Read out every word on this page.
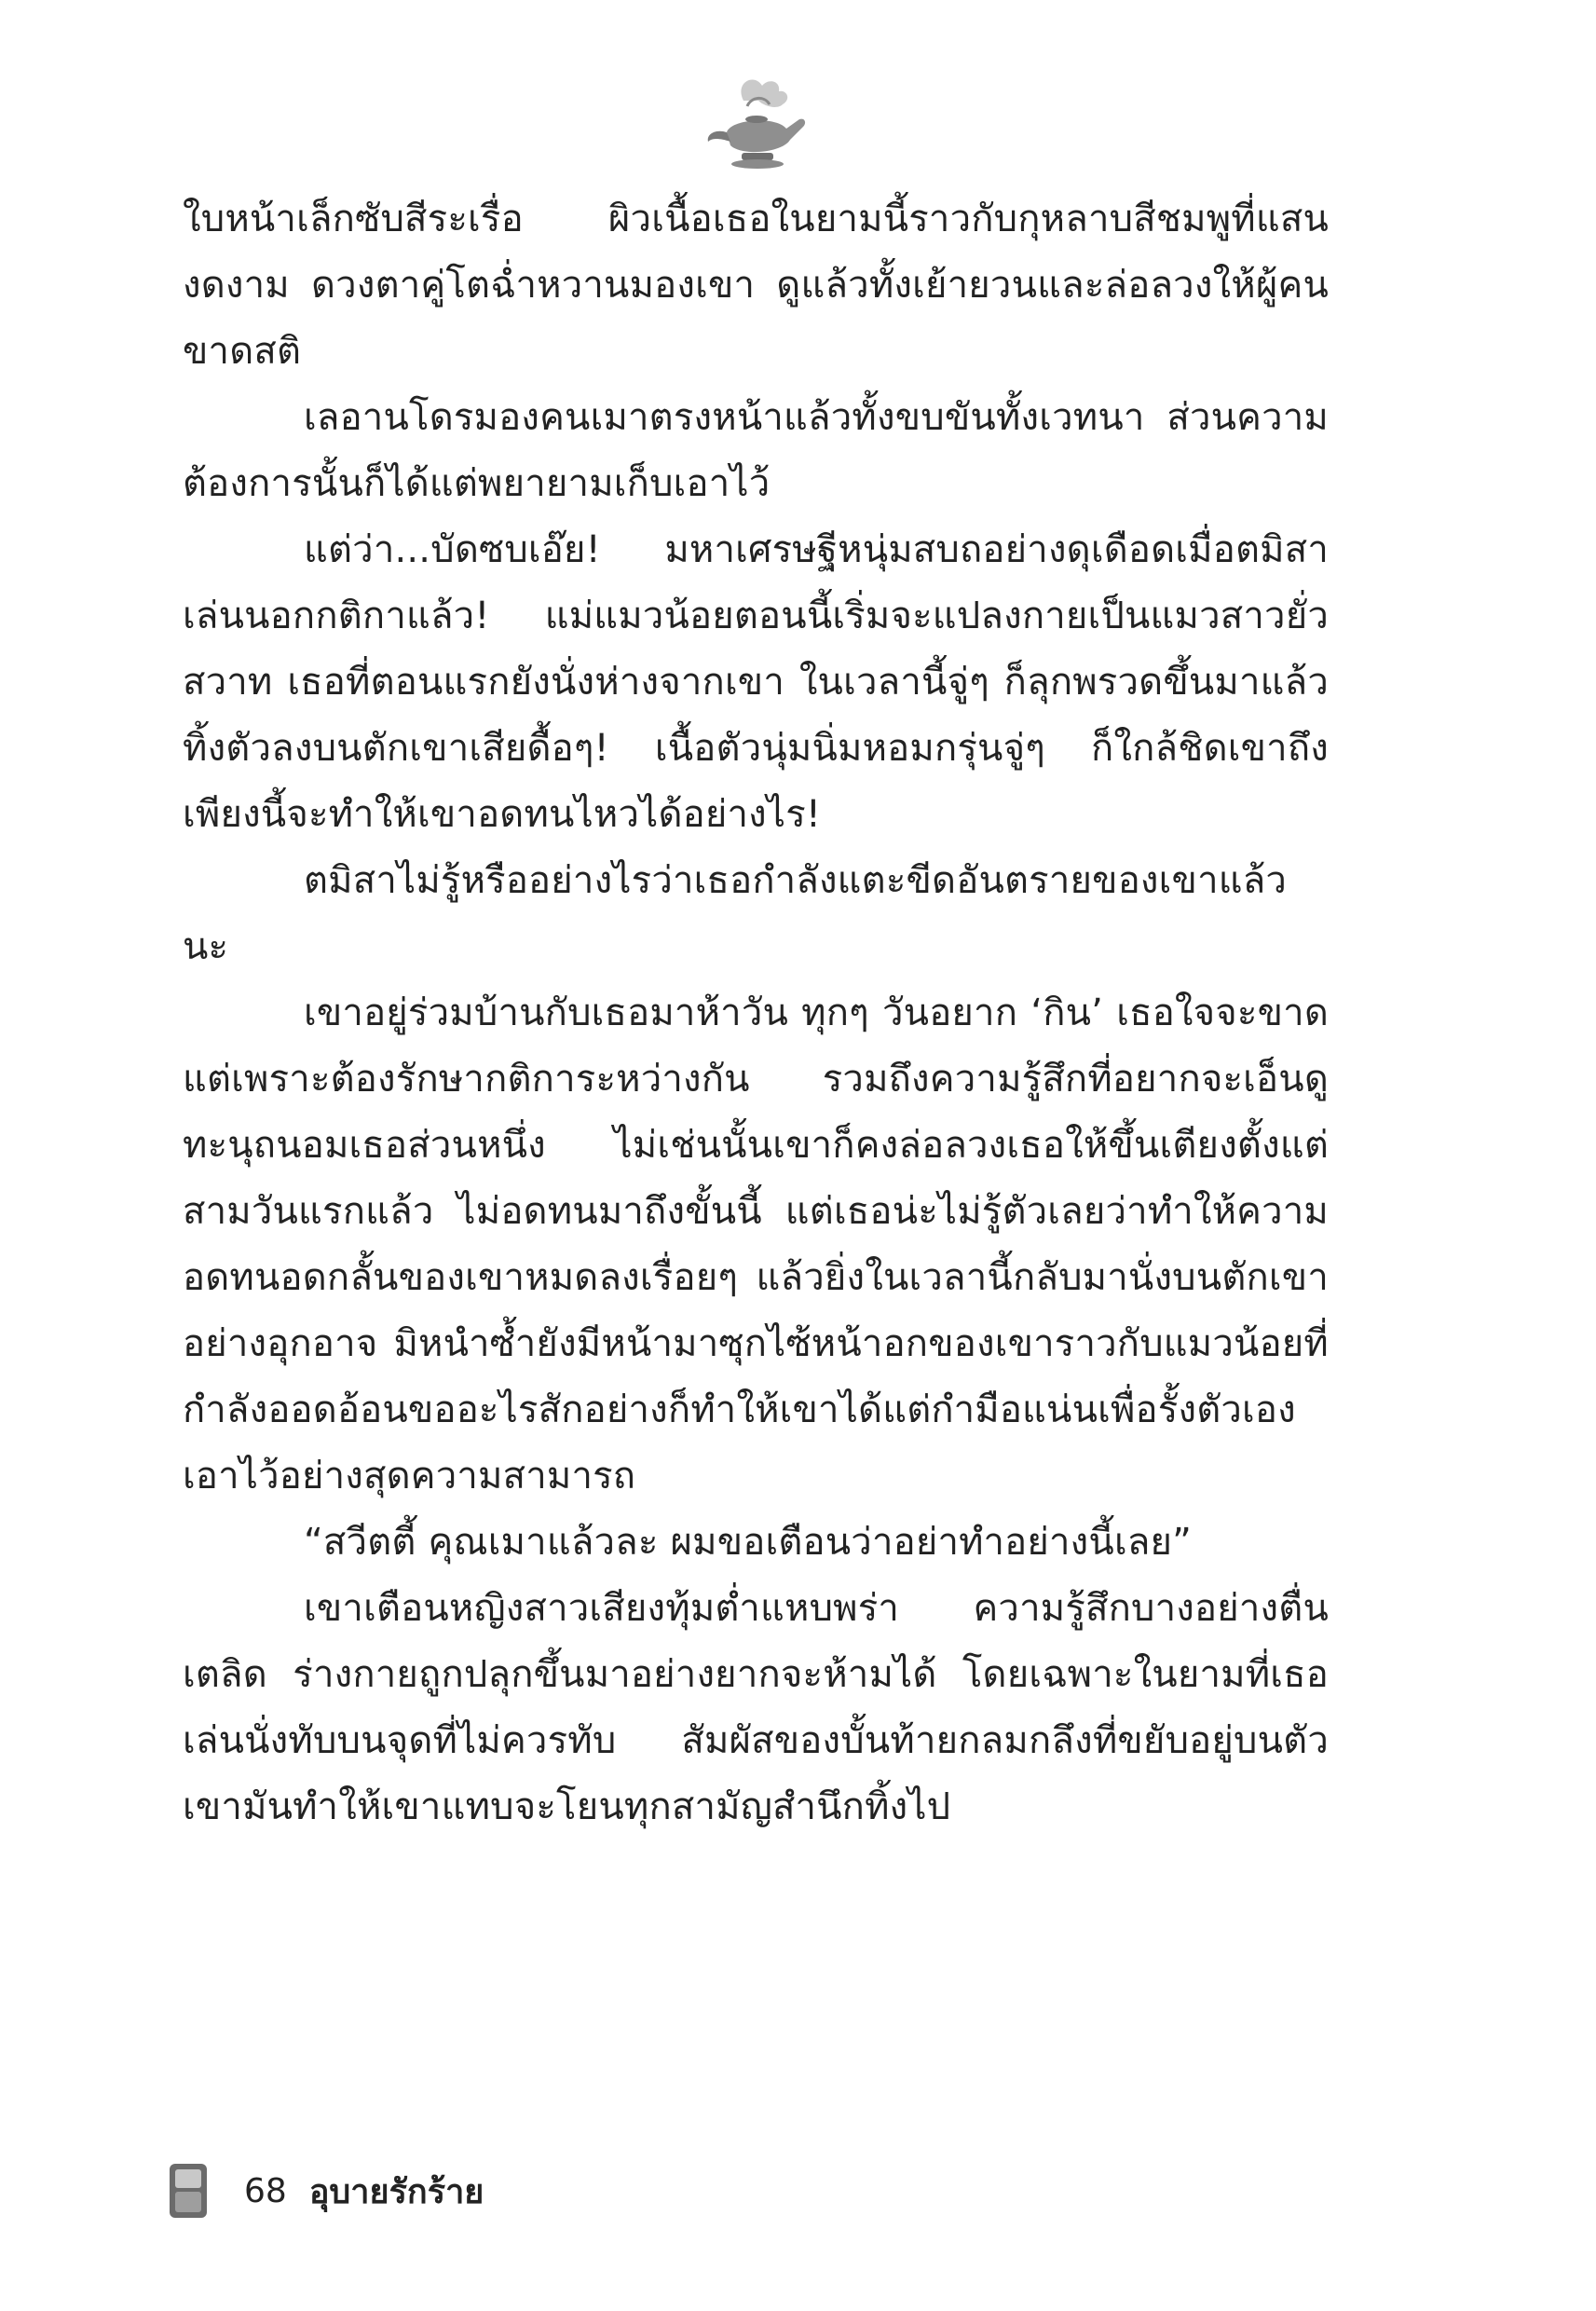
ใบหน้าเล็กซับสีระเรื่อ ผิวเนื้อเธอในยามนี้ราวกับกุหลาบสีชมพูที่แสนงดงาม ดวงตาคู่โตฉ่ำหวานมองเขา ดูแล้วทั้งเย้ายวนและล่อลวงให้ผู้คนขาดสติ

เลอานโดรมองคนเมาตรงหน้าแล้วทั้งขบขันทั้งเวทนา ส่วนความต้องการนั้นก็ได้แต่พยายามเก็บเอาไว้

แต่ว่า...บัดซบเอ๊ย! มหาเศรษฐีหนุ่มสบถอย่างดุเดือดเมื่อตมิสาเล่นนอกกติกาแล้ว! แม่แมวน้อยตอนนี้เริ่มจะแปลงกายเป็นแมวสาวยั่วสวาท เธอที่ตอนแรกยังนั่งห่างจากเขา ในเวลานี้จู่ๆ ก็ลุกพรวดขึ้นมาแล้วทิ้งตัวลงบนตักเขาเสียดื้อๆ! เนื้อตัวนุ่มนิ่มหอมกรุ่นจู่ๆ ก็ใกล้ชิดเขาถึงเพียงนี้จะทำให้เขาอดทนไหวได้อย่างไร!

ตมิสาไม่รู้หรืออย่างไรว่าเธอกำลังแตะขีดอันตรายของเขาแล้วนะ

เขาอยู่ร่วมบ้านกับเธอมาห้าวัน ทุกๆ วันอยาก ‘กิน’ เธอใจจะขาด แต่เพราะต้องรักษากติการะหว่างกัน รวมถึงความรู้สึกที่อยากจะเอ็นดูทะนุถนอมเธอส่วนหนึ่ง ไม่เช่นนั้นเขาก็คงล่อลวงเธอให้ขึ้นเตียงตั้งแต่สามวันแรกแล้ว ไม่อดทนมาถึงขั้นนี้ แต่เธอน่ะไม่รู้ตัวเลยว่าทำให้ความอดทนอดกลั้นของเขาหมดลงเรื่อยๆ แล้วยิ่งในเวลานี้กลับมานั่งบนตักเขาอย่างอุกอาจ มิหนำซ้ำยังมีหน้ามาซุกไซ้หน้าอกของเขาราวกับแมวน้อยที่กำลังออดอ้อนขออะไรสักอย่างก็ทำให้เขาได้แต่กำมือแน่นเพื่อรั้งตัวเองเอาไว้อย่างสุดความสามารถ

“สวีตตี้ คุณเมาแล้วละ ผมขอเตือนว่าอย่าทำอย่างนี้เลย”

เขาเตือนหญิงสาวเสียงทุ้มต่ำแหบพร่า ความรู้สึกบางอย่างตื่นเตลิด ร่างกายถูกปลุกขึ้นมาอย่างยากจะห้ามได้ โดยเฉพาะในยามที่เธอเล่นนั่งทับบนจุดที่ไม่ควรทับ สัมผัสของบั้นท้ายกลมกลึงที่ขยับอยู่บนตัวเขามันทำให้เขาแทบจะโยนทุกสามัญสำนึกทิ้งไป

68 อุบายรักร้าย
